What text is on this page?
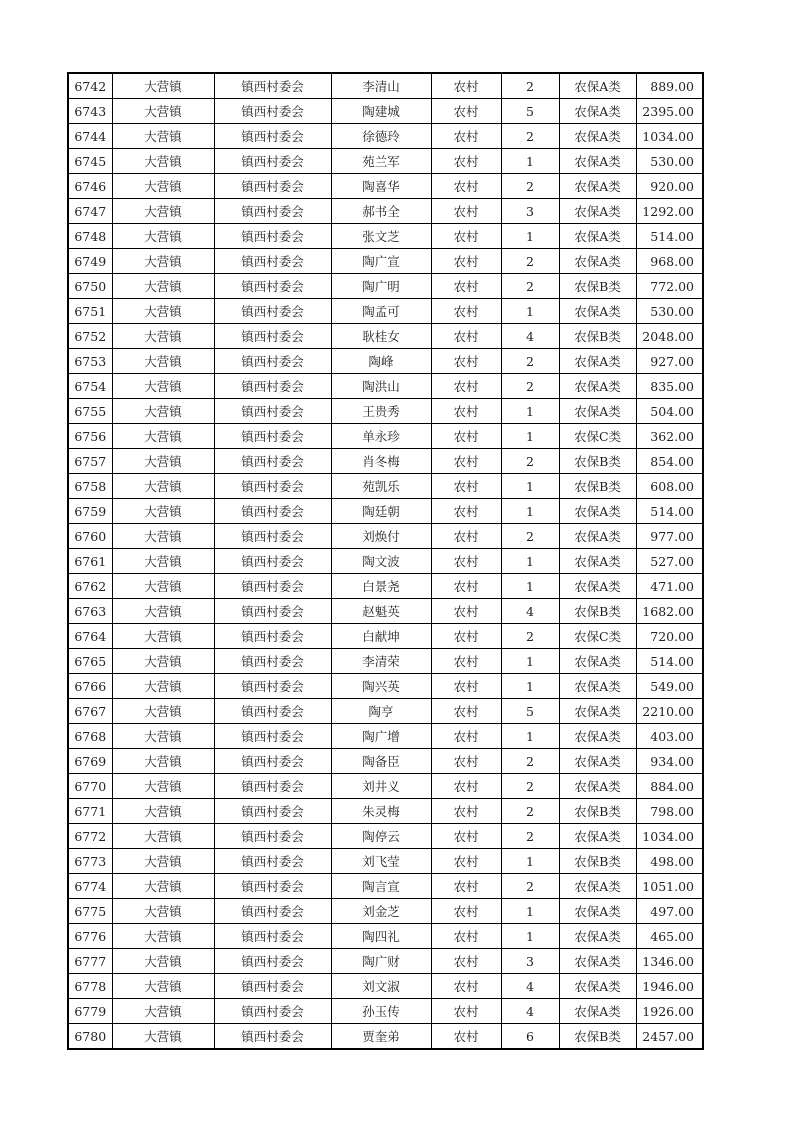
6742	大营镇	镇西村委会	李清山	农村	2	农保A类	889.00
6743	大营镇	镇西村委会	陶建城	农村	5	农保A类	2395.00
6744	大营镇	镇西村委会	徐德玲	农村	2	农保A类	1034.00
6745	大营镇	镇西村委会	苑兰军	农村	1	农保A类	530.00
6746	大营镇	镇西村委会	陶喜华	农村	2	农保A类	920.00
6747	大营镇	镇西村委会	郝书全	农村	3	农保A类	1292.00
6748	大营镇	镇西村委会	张文芝	农村	1	农保A类	514.00
6749	大营镇	镇西村委会	陶广宣	农村	2	农保A类	968.00
6750	大营镇	镇西村委会	陶广明	农村	2	农保B类	772.00
6751	大营镇	镇西村委会	陶孟可	农村	1	农保A类	530.00
6752	大营镇	镇西村委会	耿桂女	农村	4	农保B类	2048.00
6753	大营镇	镇西村委会	陶峰	农村	2	农保A类	927.00
6754	大营镇	镇西村委会	陶洪山	农村	2	农保A类	835.00
6755	大营镇	镇西村委会	王贵秀	农村	1	农保A类	504.00
6756	大营镇	镇西村委会	单永珍	农村	1	农保C类	362.00
6757	大营镇	镇西村委会	肖冬梅	农村	2	农保B类	854.00
6758	大营镇	镇西村委会	苑凯乐	农村	1	农保B类	608.00
6759	大营镇	镇西村委会	陶廷朝	农村	1	农保A类	514.00
6760	大营镇	镇西村委会	刘焕付	农村	2	农保A类	977.00
6761	大营镇	镇西村委会	陶文波	农村	1	农保A类	527.00
6762	大营镇	镇西村委会	白景尧	农村	1	农保A类	471.00
6763	大营镇	镇西村委会	赵魁英	农村	4	农保B类	1682.00
6764	大营镇	镇西村委会	白献坤	农村	2	农保C类	720.00
6765	大营镇	镇西村委会	李清荣	农村	1	农保A类	514.00
6766	大营镇	镇西村委会	陶兴英	农村	1	农保A类	549.00
6767	大营镇	镇西村委会	陶亨	农村	5	农保A类	2210.00
6768	大营镇	镇西村委会	陶广增	农村	1	农保A类	403.00
6769	大营镇	镇西村委会	陶备臣	农村	2	农保A类	934.00
6770	大营镇	镇西村委会	刘井义	农村	2	农保A类	884.00
6771	大营镇	镇西村委会	朱灵梅	农村	2	农保B类	798.00
6772	大营镇	镇西村委会	陶停云	农村	2	农保A类	1034.00
6773	大营镇	镇西村委会	刘飞莹	农村	1	农保B类	498.00
6774	大营镇	镇西村委会	陶言宣	农村	2	农保A类	1051.00
6775	大营镇	镇西村委会	刘金芝	农村	1	农保A类	497.00
6776	大营镇	镇西村委会	陶四礼	农村	1	农保A类	465.00
6777	大营镇	镇西村委会	陶广财	农村	3	农保A类	1346.00
6778	大营镇	镇西村委会	刘文淑	农村	4	农保A类	1946.00
6779	大营镇	镇西村委会	孙玉传	农村	4	农保A类	1926.00
6780	大营镇	镇西村委会	贾奎弟	农村	6	农保B类	2457.00
